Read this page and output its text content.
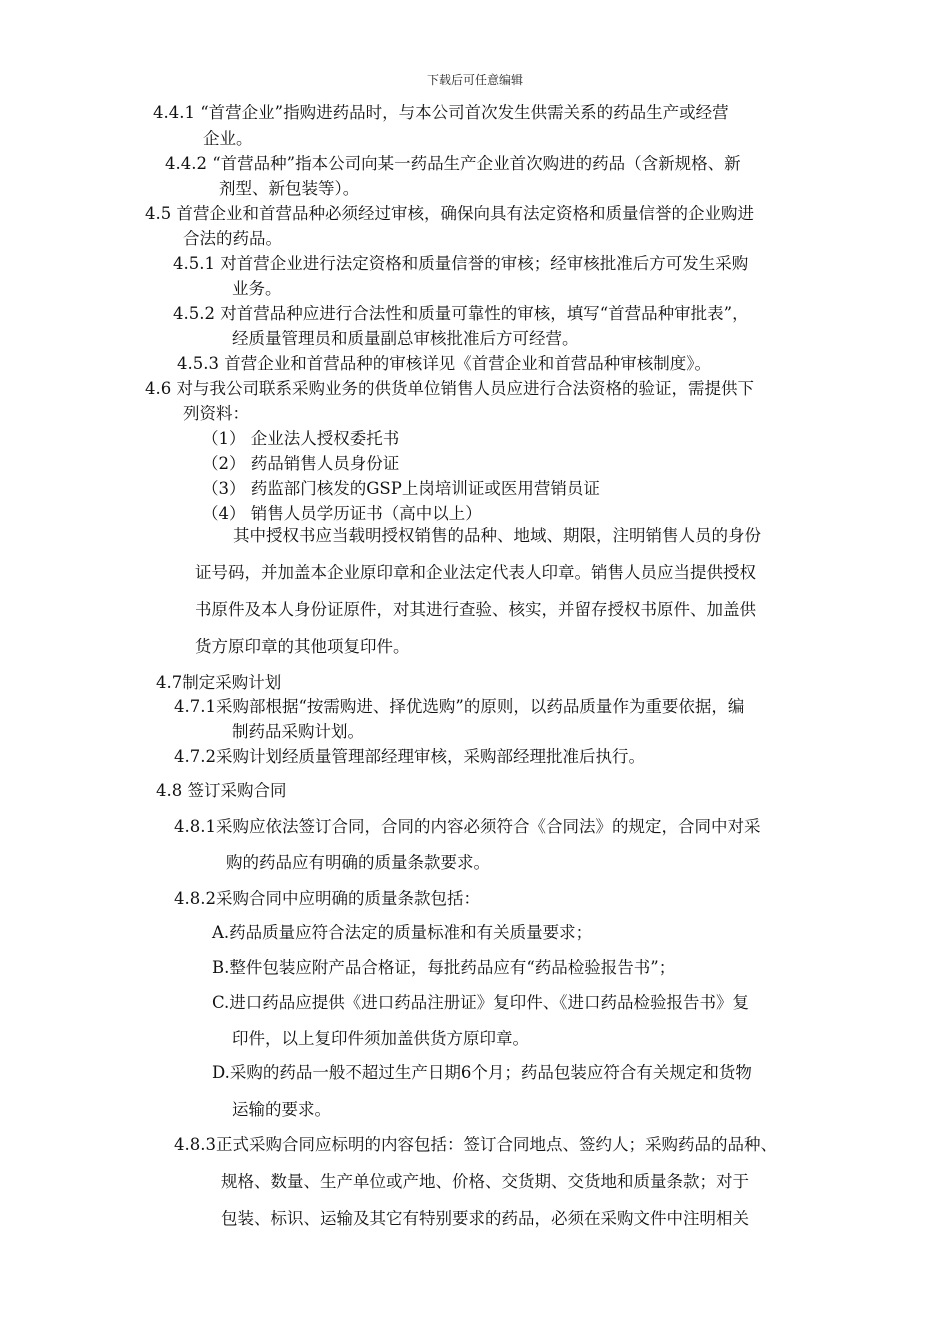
下载后可任意编辑
4.4.1 “首营企业”指购进药品时，与本公司首次发生供需关系的药品生产或经营
企业。
4.4.2 “首营品种”指本公司向某一药品生产企业首次购进的药品（含新规格、新
剂型、新包装等）。
4.5 首营企业和首营品种必须经过审核，确保向具有法定资格和质量信誉的企业购进
合法的药品。
4.5.1 对首营企业进行法定资格和质量信誉的审核；经审核批准后方可发生采购
业务。
4.5.2 对首营品种应进行合法性和质量可靠性的审核，填写“首营品种审批表”，
经质量管理员和质量副总审核批准后方可经营。
4.5.3 首营企业和首营品种的审核详见《首营企业和首营品种审核制度》。
4.6 对与我公司联系采购业务的供货单位销售人员应进行合法资格的验证，需提供下
列资料：
（1） 企业法人授权委托书
（2） 药品销售人员身份证
（3） 药监部门核发的GSP上岗培训证或医用营销员证
（4） 销售人员学历证书（高中以上）
其中授权书应当载明授权销售的品种、地域、期限，注明销售人员的身份
证号码，并加盖本企业原印章和企业法定代表人印章。销售人员应当提供授权
书原件及本人身份证原件，对其进行查验、核实，并留存授权书原件、加盖供
货方原印章的其他项复印件。
4.7制定采购计划
4.7.1采购部根据“按需购进、择优选购”的原则，以药品质量作为重要依据，编
制药品采购计划。
4.7.2采购计划经质量管理部经理审核，采购部经理批准后执行。
4.8 签订采购合同
4.8.1采购应依法签订合同，合同的内容必须符合《合同法》的规定，合同中对采
购的药品应有明确的质量条款要求。
4.8.2采购合同中应明确的质量条款包括：
A.药品质量应符合法定的质量标准和有关质量要求；
B.整件包装应附产品合格证，每批药品应有“药品检验报告书”；
C.进口药品应提供《进口药品注册证》复印件、《进口药品检验报告书》复
印件，以上复印件须加盖供货方原印章。
D.采购的药品一般不超过生产日期6个月；药品包装应符合有关规定和货物
运输的要求。
4.8.3正式采购合同应标明的内容包括：签订合同地点、签约人；采购药品的品种、
规格、数量、生产单位或产地、价格、交货期、交货地和质量条款；对于
包装、标识、运输及其它有特别要求的药品，必须在采购文件中注明相关
